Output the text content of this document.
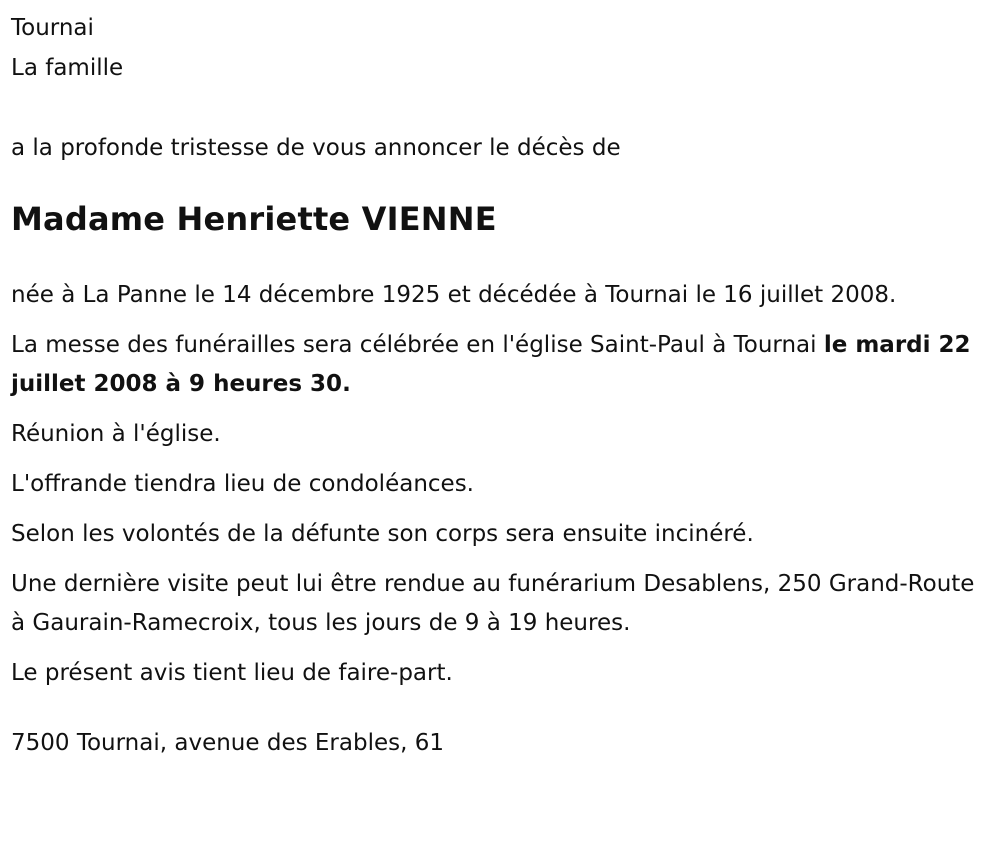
Tournai

La famille

a la profonde tristesse de vous annoncer le décès de

Madame Henriette VIENNE

née à La Panne le 14 décembre 1925 et décédée à Tournai le 16 juillet 2008.

La messe des funérailles sera célébrée en l'église Saint-Paul à Tournai le mardi 22 juillet 2008 à 9 heures 30.

Réunion à l'église.

L'offrande tiendra lieu de condoléances.

Selon les volontés de la défunte son corps sera ensuite incinéré.

Une dernière visite peut lui être rendue au funérarium Desablens, 250 Grand-Route à Gaurain-Ramecroix, tous les jours de 9 à 19 heures.

Le présent avis tient lieu de faire-part.

7500 Tournai, avenue des Erables, 61
